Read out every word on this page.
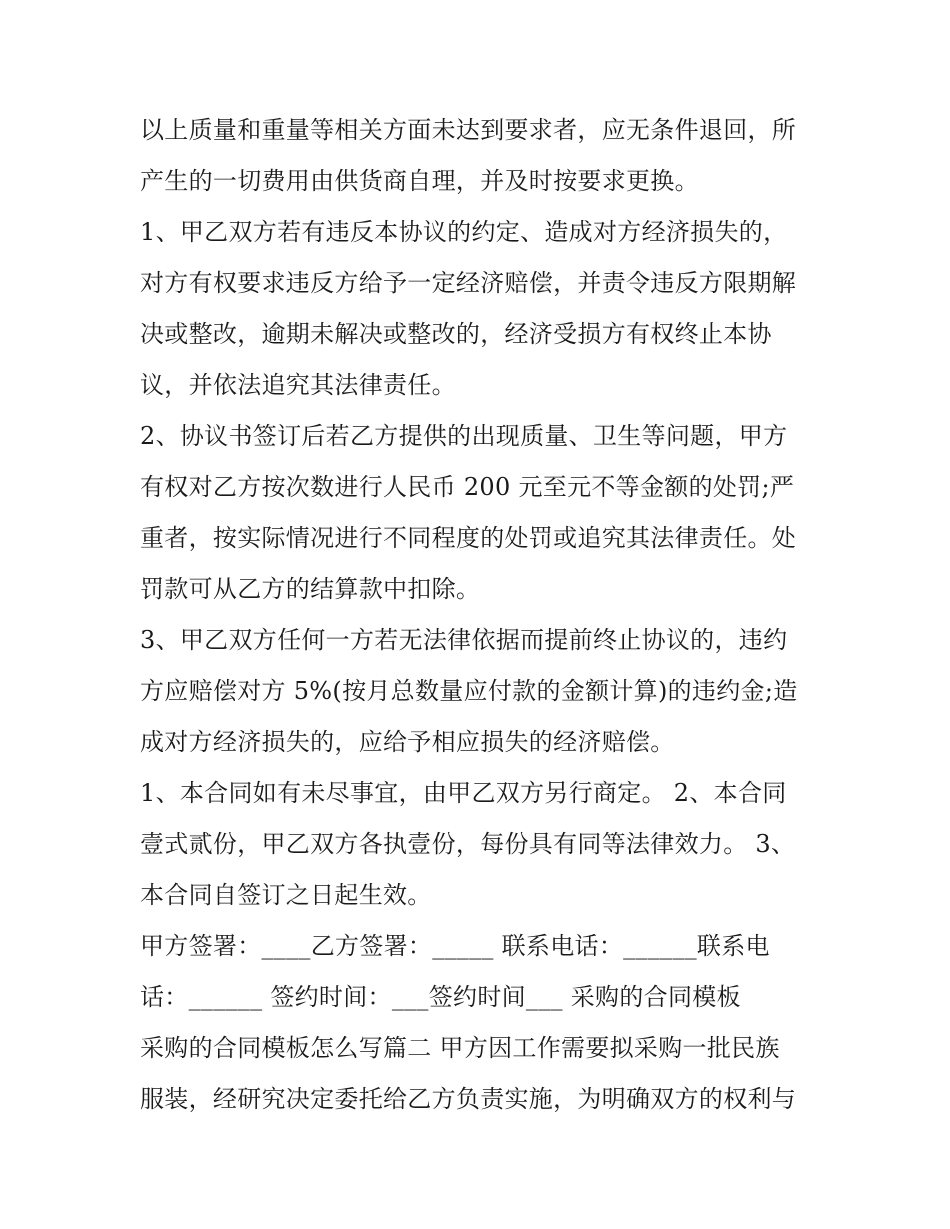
以上质量和重量等相关方面未达到要求者，应无条件退回，所
产生的一切费用由供货商自理，并及时按要求更换。
1、甲乙双方若有违反本协议的约定、造成对方经济损失的，
对方有权要求违反方给予一定经济赔偿，并责令违反方限期解
决或整改，逾期未解决或整改的，经济受损方有权终止本协
议，并依法追究其法律责任。
2、协议书签订后若乙方提供的出现质量、卫生等问题，甲方
有权对乙方按次数进行人民币 200 元至元不等金额的处罚;严
重者，按实际情况进行不同程度的处罚或追究其法律责任。处
罚款可从乙方的结算款中扣除。
3、甲乙双方任何一方若无法律依据而提前终止协议的，违约
方应赔偿对方 5%(按月总数量应付款的金额计算)的违约金;造
成对方经济损失的，应给予相应损失的经济赔偿。
1、本合同如有未尽事宜，由甲乙双方另行商定。 2、本合同
壹式贰份，甲乙双方各执壹份，每份具有同等法律效力。 3、
本合同自签订之日起生效。
甲方签署：____乙方签署：_____ 联系电话：______联系电
话：______ 签约时间：___签约时间___ 采购的合同模板
采购的合同模板怎么写篇二 甲方因工作需要拟采购一批民族
服装，经研究决定委托给乙方负责实施，为明确双方的权利与
